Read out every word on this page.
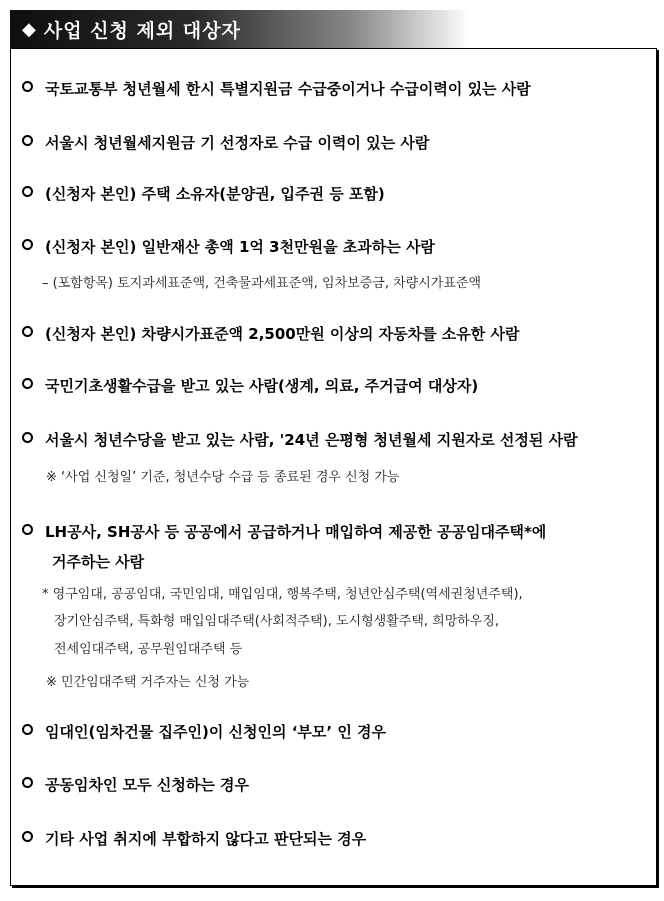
◆ 사업 신청 제외 대상자
국토교통부 청년월세 한시 특별지원금 수급중이거나 수급이력이 있는 사람
서울시 청년월세지원금 기 선정자로 수급 이력이 있는 사람
(신청자 본인) 주택 소유자(분양권, 입주권 등 포함)
(신청자 본인) 일반재산 총액 1억 3천만원을 초과하는 사람
– (포함항목) 토지과세표준액, 건축물과세표준액, 임차보증금, 차량시가표준액
(신청자 본인) 차량시가표준액 2,500만원 이상의 자동차를 소유한 사람
국민기초생활수급을 받고 있는 사람(생계, 의료, 주거급여 대상자)
서울시 청년수당을 받고 있는 사람, '24년 은평형 청년월세 지원자로 선정된 사람
※ ‘사업 신청일’ 기준, 청년수당 수급 등 종료된 경우 신청 가능
LH공사, SH공사 등 공공에서 공급하거나 매입하여 제공한 공공임대주택*에
거주하는 사람
* 영구임대, 공공임대, 국민임대, 매입임대, 행복주택, 청년안심주택(역세권청년주택),
장기안심주택, 특화형 매입임대주택(사회적주택), 도시형생활주택, 희망하우징,
전세임대주택, 공무원임대주택 등
※ 민간임대주택 거주자는 신청 가능
임대인(임차건물 집주인)이 신청인의 ‘부모’ 인 경우
공동임차인 모두 신청하는 경우
기타 사업 취지에 부합하지 않다고 판단되는 경우
